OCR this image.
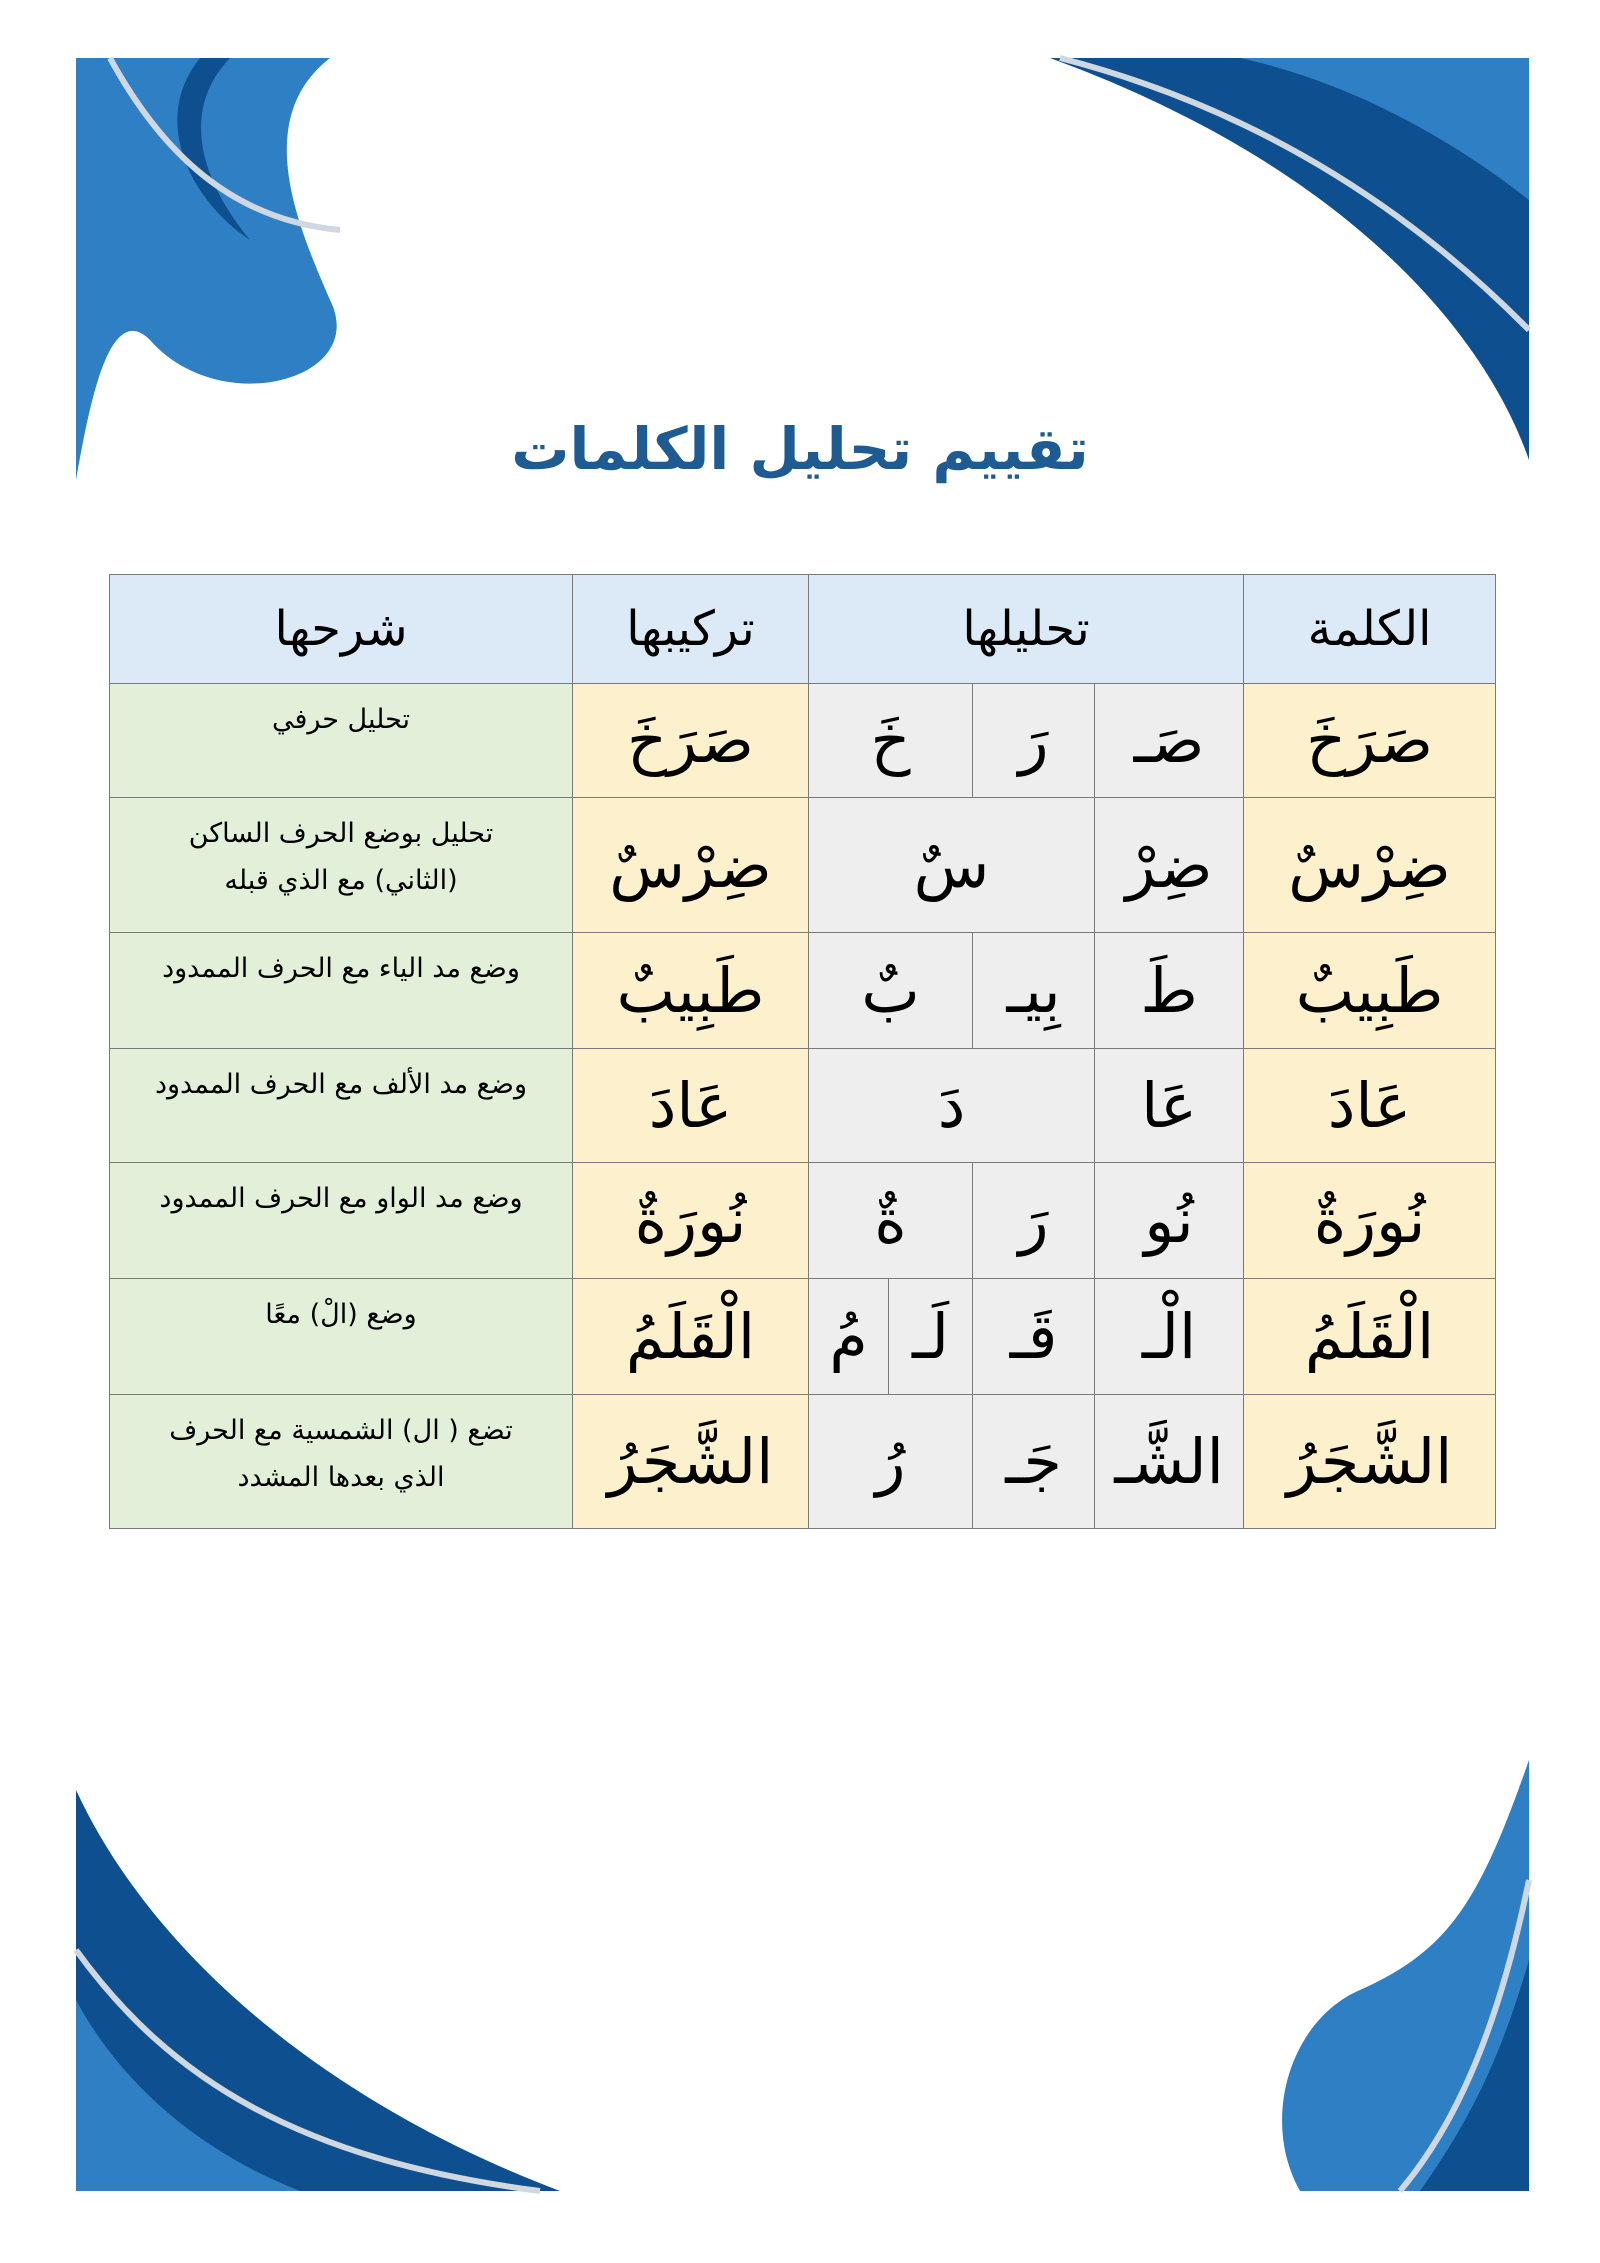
تقييم تحليل الكلمات
الكلمة	تحليلها				تركيبها	شرحها
صَرَخَ	صَـ	رَ	خَ		صَرَخَ	تحليل حرفي
ضِرْسٌ	ضِرْ	سٌ			ضِرْسٌ	تحليل بوضع الحرف الساكن (الثاني) مع الذي قبله
طَبِيبٌ	طَ	بِيـ	بٌ		طَبِيبٌ	وضع مد الياء مع الحرف الممدود
عَادَ	عَا	دَ			عَادَ	وضع مد الألف مع الحرف الممدود
نُورَةٌ	نُو	رَ	ةٌ		نُورَةٌ	وضع مد الواو مع الحرف الممدود
الْقَلَمُ	الْـ	قَـ	لَـ	مُ	الْقَلَمُ	وضع (الْ) معًا
الشَّجَرُ	الشَّـ	جَـ	رُ		الشَّجَرُ	تضع ( ال) الشمسية مع الحرف الذي بعدها المشدد
